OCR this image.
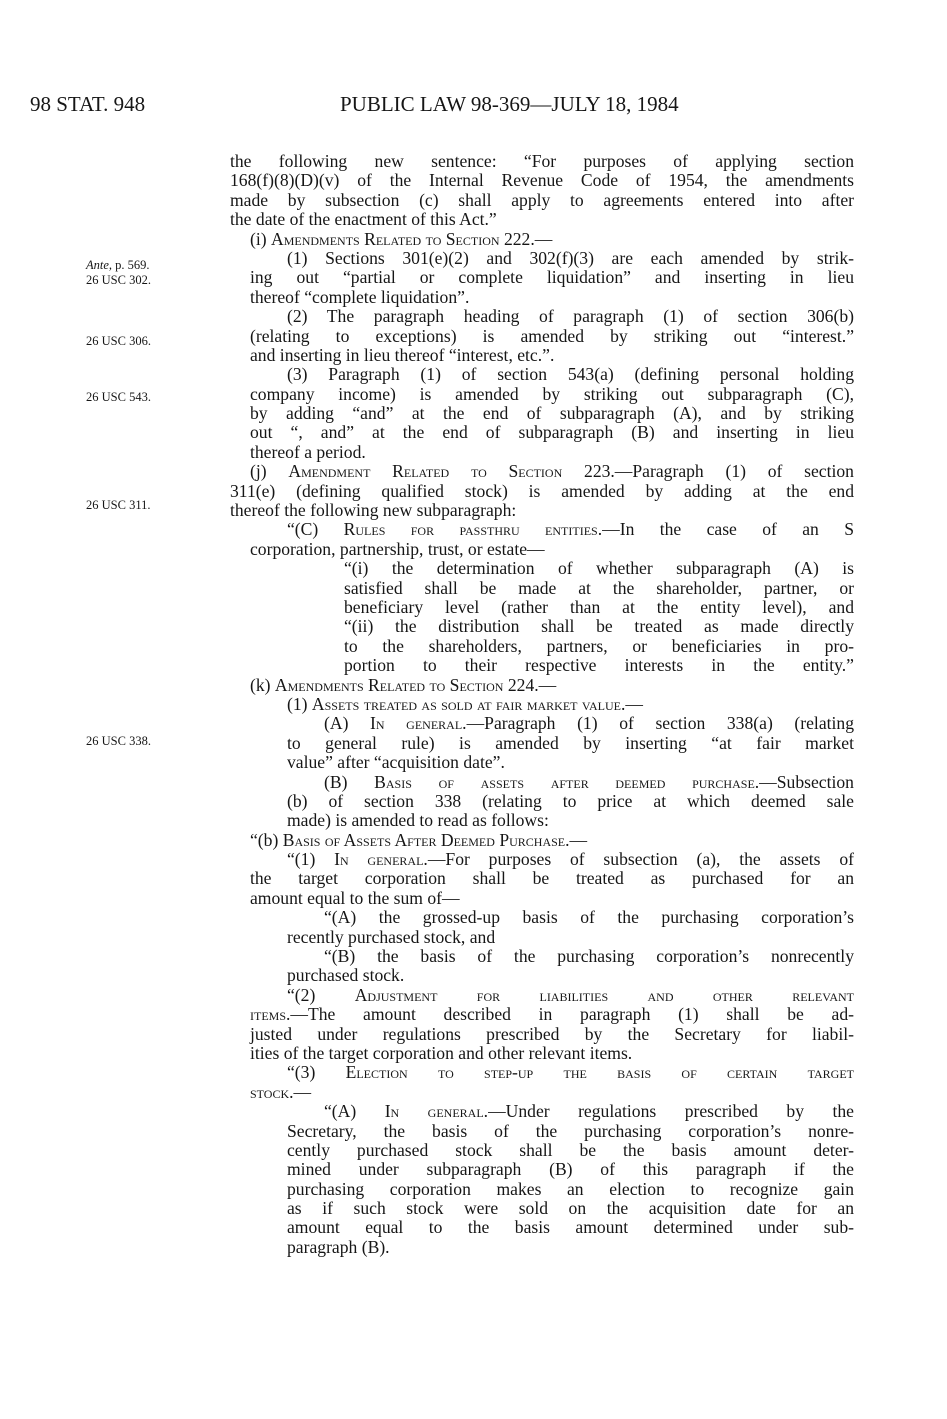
98 STAT. 948	PUBLIC LAW 98-369—JULY 18, 1984
Ante, p. 569.
26 USC 302.
26 USC 306.
26 USC 543.
26 USC 311.
26 USC 338.
the following new sentence: “For purposes of applying section
168(f)(8)(D)(v) of the Internal Revenue Code of 1954, the amendments
made by subsection (c) shall apply to agreements entered into after
the date of the enactment of this Act.”
(i) Amendments Related to Section 222.—
(1) Sections 301(e)(2) and 302(f)(3) are each amended by strik-
ing out “partial or complete liquidation” and inserting in lieu
thereof “complete liquidation”.
(2) The paragraph heading of paragraph (1) of section 306(b)
(relating to exceptions) is amended by striking out “interest.”
and inserting in lieu thereof “interest, etc.”.
(3) Paragraph (1) of section 543(a) (defining personal holding
company income) is amended by striking out subparagraph (C),
by adding “and” at the end of subparagraph (A), and by striking
out “, and” at the end of subparagraph (B) and inserting in lieu
thereof a period.
(j) Amendment Related to Section 223.—Paragraph (1) of section
311(e) (defining qualified stock) is amended by adding at the end
thereof the following new subparagraph:
“(C) Rules for passthru entities.—In the case of an S
corporation, partnership, trust, or estate—
“(i) the determination of whether subparagraph (A) is
satisfied shall be made at the shareholder, partner, or
beneficiary level (rather than at the entity level), and
“(ii) the distribution shall be treated as made directly
to the shareholders, partners, or beneficiaries in pro-
portion to their respective interests in the entity.”
(k) Amendments Related to Section 224.—
(1) Assets treated as sold at fair market value.—
(A) In general.—Paragraph (1) of section 338(a) (relating
to general rule) is amended by inserting “at fair market
value” after “acquisition date”.
(B) Basis of assets after deemed purchase.—Subsection
(b) of section 338 (relating to price at which deemed sale
made) is amended to read as follows:
“(b) Basis of Assets After Deemed Purchase.—
“(1) In general.—For purposes of subsection (a), the assets of
the target corporation shall be treated as purchased for an
amount equal to the sum of—
“(A) the grossed-up basis of the purchasing corporation’s
recently purchased stock, and
“(B) the basis of the purchasing corporation’s nonrecently
purchased stock.
“(2) Adjustment for liabilities and other relevant
items.—The amount described in paragraph (1) shall be ad-
justed under regulations prescribed by the Secretary for liabil-
ities of the target corporation and other relevant items.
“(3) Election to step-up the basis of certain target
stock.—
“(A) In general.—Under regulations prescribed by the
Secretary, the basis of the purchasing corporation’s nonre-
cently purchased stock shall be the basis amount deter-
mined under subparagraph (B) of this paragraph if the
purchasing corporation makes an election to recognize gain
as if such stock were sold on the acquisition date for an
amount equal to the basis amount determined under sub-
paragraph (B).
